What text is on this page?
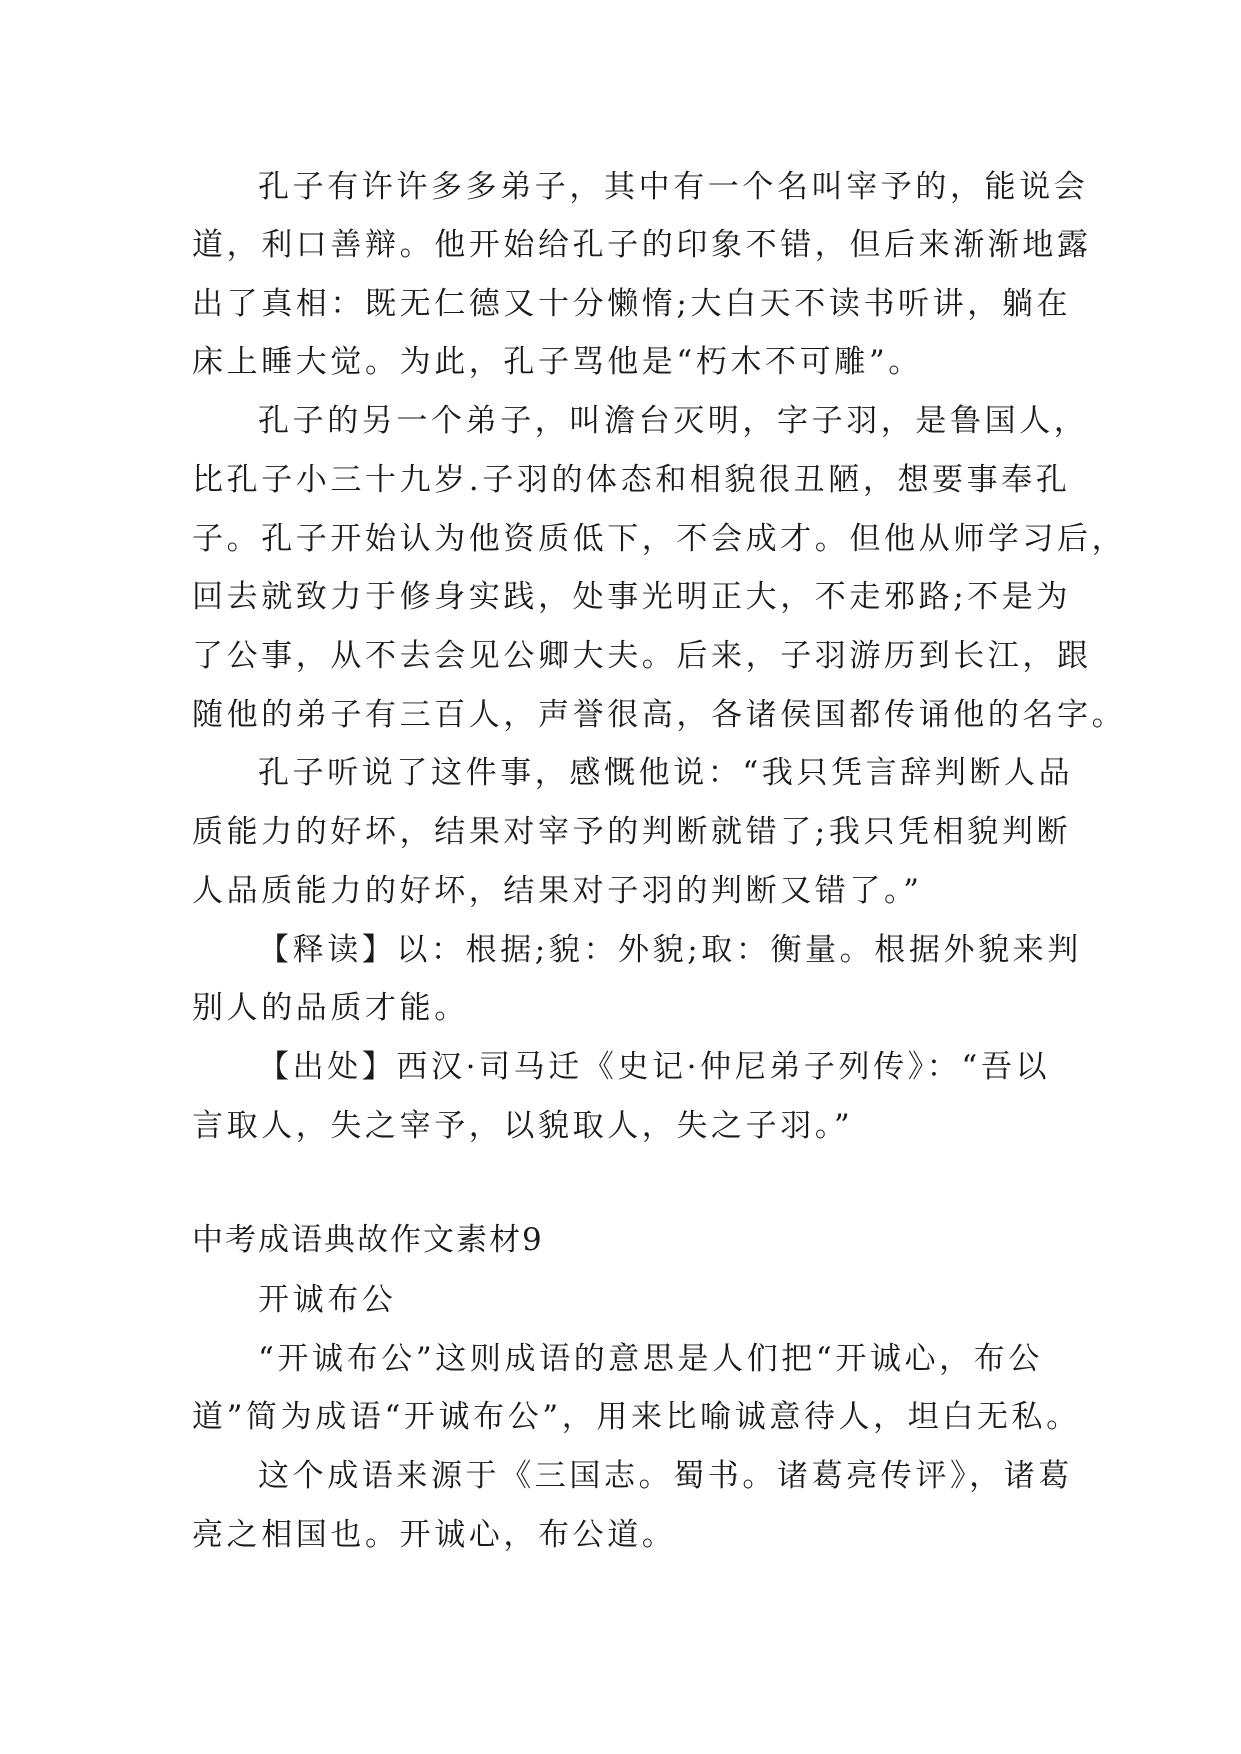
孔子有许许多多弟子，其中有一个名叫宰予的，能说会
道，利口善辩。他开始给孔子的印象不错，但后来渐渐地露
出了真相：既无仁德又十分懒惰;大白天不读书听讲，躺在
床上睡大觉。为此，孔子骂他是“朽木不可雕”。
孔子的另一个弟子，叫澹台灭明，字子羽，是鲁国人，
比孔子小三十九岁.子羽的体态和相貌很丑陋，想要事奉孔
子。孔子开始认为他资质低下，不会成才。但他从师学习后，
回去就致力于修身实践，处事光明正大，不走邪路;不是为
了公事，从不去会见公卿大夫。后来，子羽游历到长江，跟
随他的弟子有三百人，声誉很高，各诸侯国都传诵他的名字。
孔子听说了这件事，感慨他说：“我只凭言辞判断人品
质能力的好坏，结果对宰予的判断就错了;我只凭相貌判断
人品质能力的好坏，结果对子羽的判断又错了。”
【释读】以：根据;貌：外貌;取：衡量。根据外貌来判
别人的品质才能。
【出处】西汉·司马迁《史记·仲尼弟子列传》：“吾以
言取人，失之宰予，以貌取人，失之子羽。”
中考成语典故作文素材9
开诚布公
“开诚布公”这则成语的意思是人们把“开诚心，布公
道”简为成语“开诚布公”，用来比喻诚意待人，坦白无私。
这个成语来源于《三国志。蜀书。诸葛亮传评》，诸葛
亮之相国也。开诚心，布公道。
